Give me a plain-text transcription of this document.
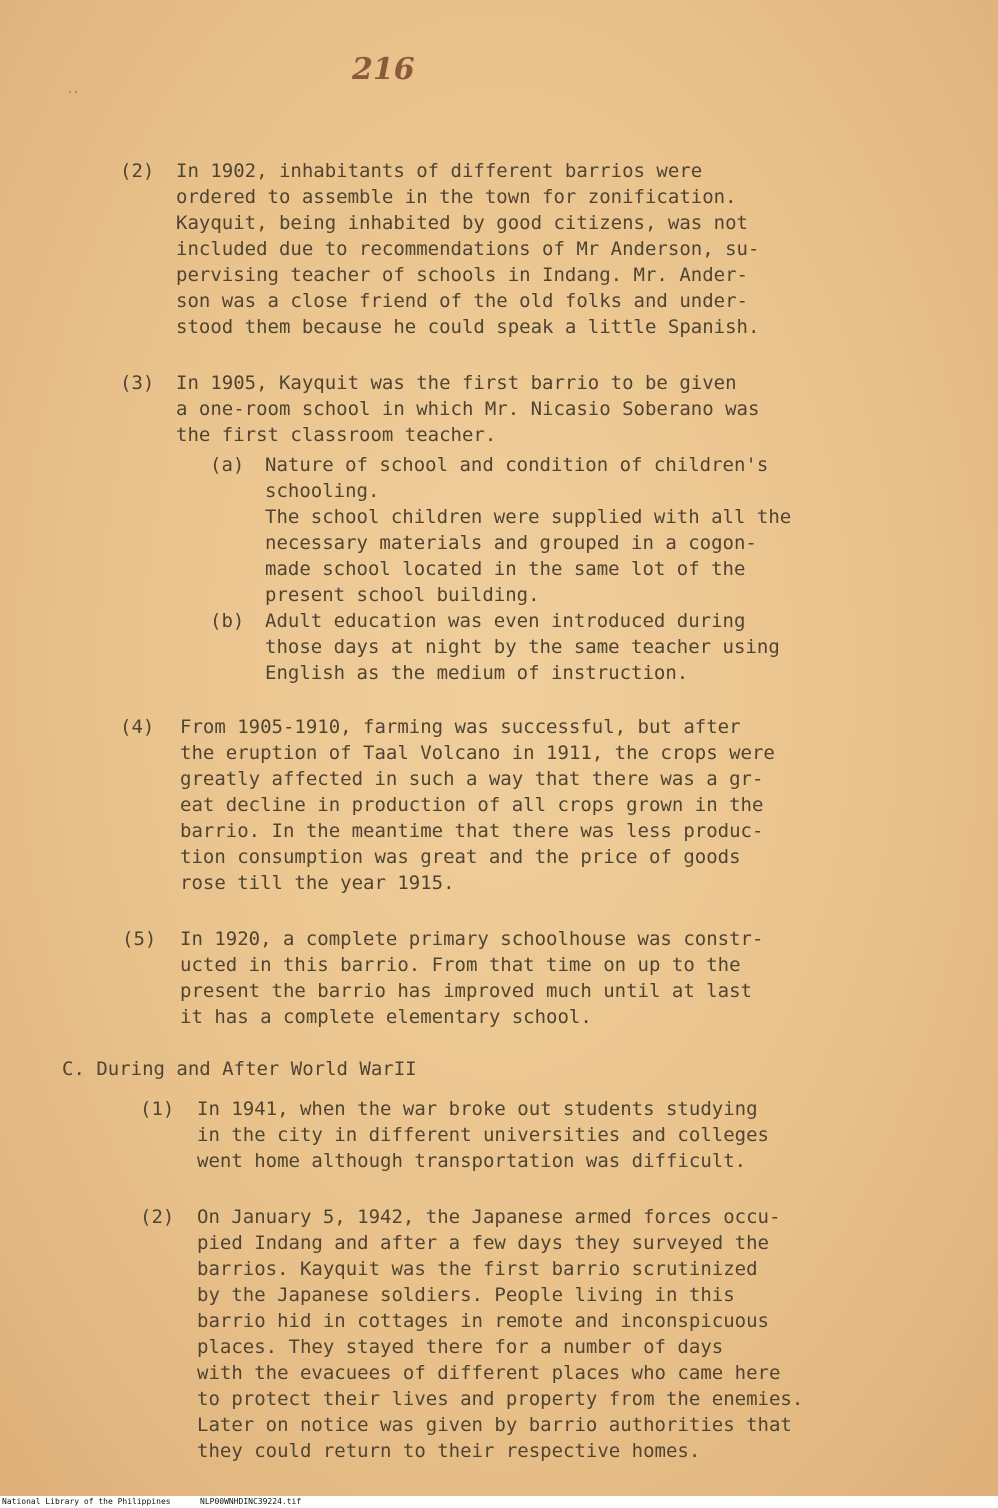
216
..
(2) In 1902, inhabitants of different barrios were
ordered to assemble in the town for zonification.
Kayquit, being inhabited by good citizens, was not
included due to recommendations of Mr Anderson, su-
pervising teacher of schools in Indang. Mr. Ander-
son was a close friend of the old folks and under-
stood them because he could speak a little Spanish.
(3) In 1905, Kayquit was the first barrio to be given
a one-room school in which Mr. Nicasio Soberano was
the first classroom teacher.
(a) Nature of school and condition of children's
schooling.
The school children were supplied with all the
necessary materials and grouped in a cogon-
made school located in the same lot of the
present school building.
(b) Adult education was even introduced during
those days at night by the same teacher using
English as the medium of instruction.
(4) From 1905-1910, farming was successful, but after
the eruption of Taal Volcano in 1911, the crops were
greatly affected in such a way that there was a gr-
eat decline in production of all crops grown in the
barrio. In the meantime that there was less produc-
tion consumption was great and the price of goods
rose till the year 1915.
(5) In 1920, a complete primary schoolhouse was constr-
ucted in this barrio. From that time on up to the
present the barrio has improved much until at last
it has a complete elementary school.
C. During and After World WarII
(1) In 1941, when the war broke out students studying
in the city in different universities and colleges
went home although transportation was difficult.
(2) On January 5, 1942, the Japanese armed forces occu-
pied Indang and after a few days they surveyed the
barrios. Kayquit was the first barrio scrutinized
by the Japanese soldiers. People living in this
barrio hid in cottages in remote and inconspicuous
places. They stayed there for a number of days
with the evacuees of different places who came here
to protect their lives and property from the enemies.
Later on notice was given by barrio authorities that
they could return to their respective homes.
National Library of the Philippines	NLP00WNHDINC39224.tif
